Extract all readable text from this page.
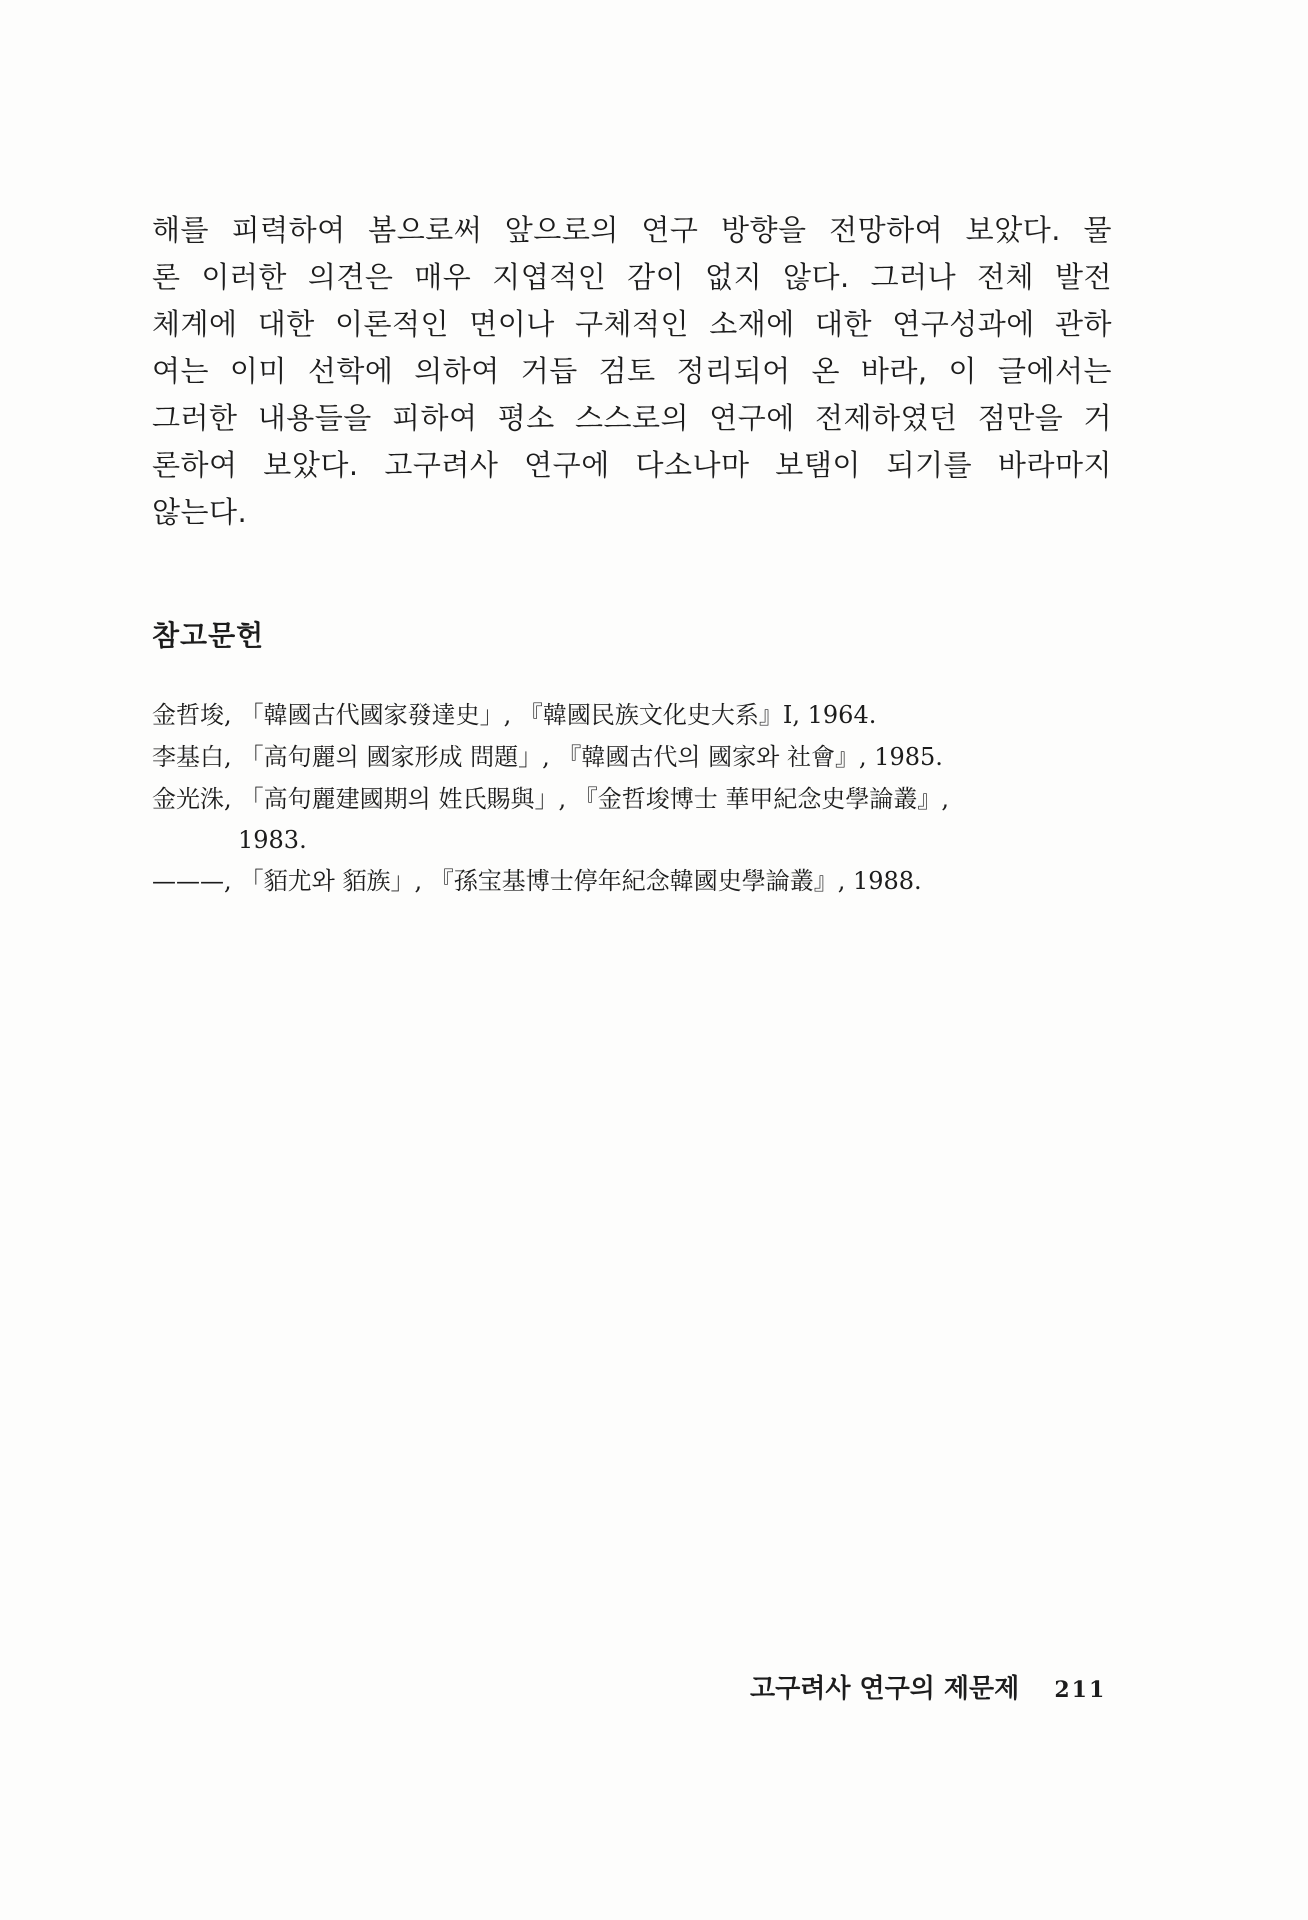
해를 피력하여 봄으로써 앞으로의 연구 방향을 전망하여 보았다. 물
론 이러한 의견은 매우 지엽적인 감이 없지 않다. 그러나 전체 발전
체계에 대한 이론적인 면이나 구체적인 소재에 대한 연구성과에 관하
여는 이미 선학에 의하여 거듭 검토 정리되어 온 바라, 이 글에서는
그러한 내용들을 피하여 평소 스스로의 연구에 전제하였던 점만을 거
론하여 보았다. 고구려사 연구에 다소나마 보탬이 되기를 바라마지
않는다.
참고문헌
金哲埈, 「韓國古代國家發達史」, 『韓國民族文化史大系』Ⅰ, 1964.
李基白, 「高句麗의 國家形成 問題」, 『韓國古代의 國家와 社會』, 1985.
金光洙, 「高句麗建國期의 姓氏賜與」, 『金哲埈博士 華甲紀念史學論叢』,
1983.
———, 「貊尤와 貊族」, 『孫宝基博士停年紀念韓國史學論叢』, 1988.
고구려사 연구의 제문제 211
